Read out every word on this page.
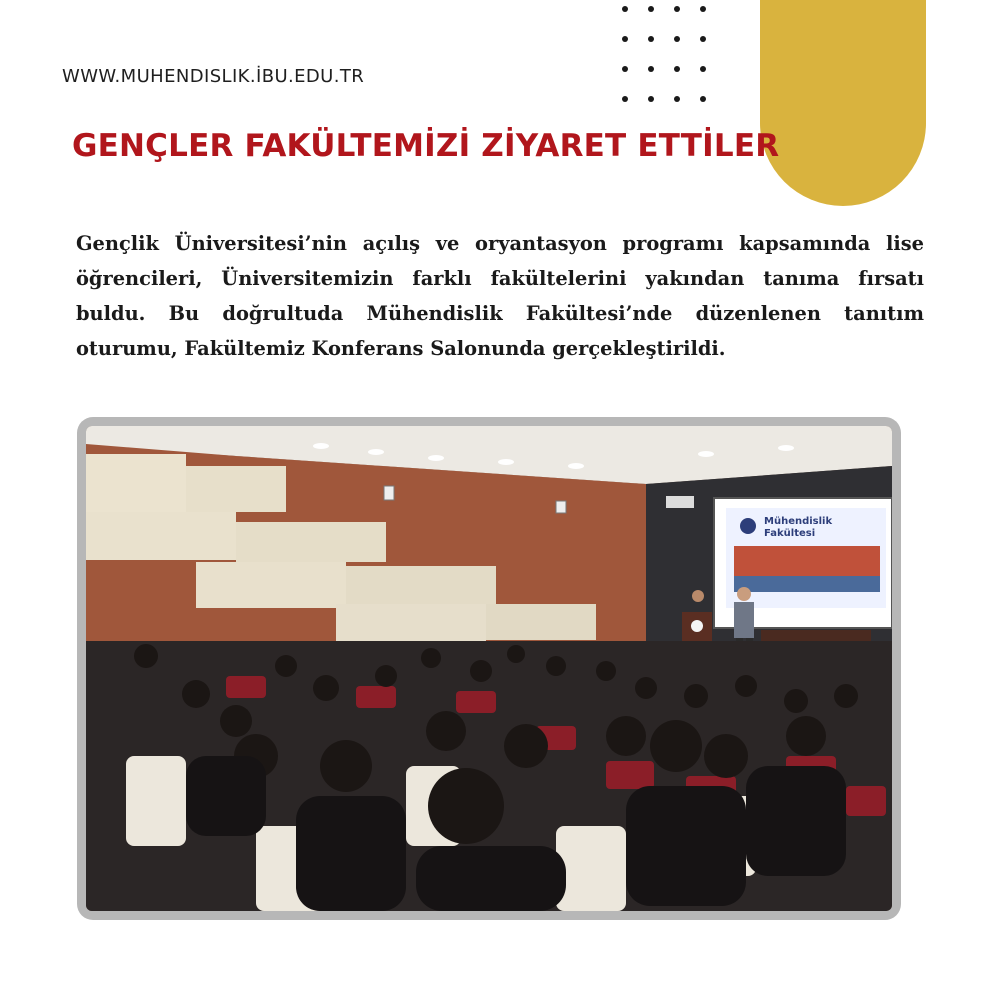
WWW.MUHENDISLIK.İBU.EDU.TR
GENÇLER FAKÜLTEMİZİ ZİYARET ETTİLER

Gençlik Üniversitesi’nin açılış ve oryantasyon programı kapsamında lise öğrencileri, Üniversitemizin farklı fakültelerini yakından tanıma fırsatı buldu. Bu doğrultuda Mühendislik Fakültesi’nde düzenlenen tanıtım oturumu, Fakültemiz Konferans Salonunda gerçekleştirildi.

Mühendislik
Fakültesi
